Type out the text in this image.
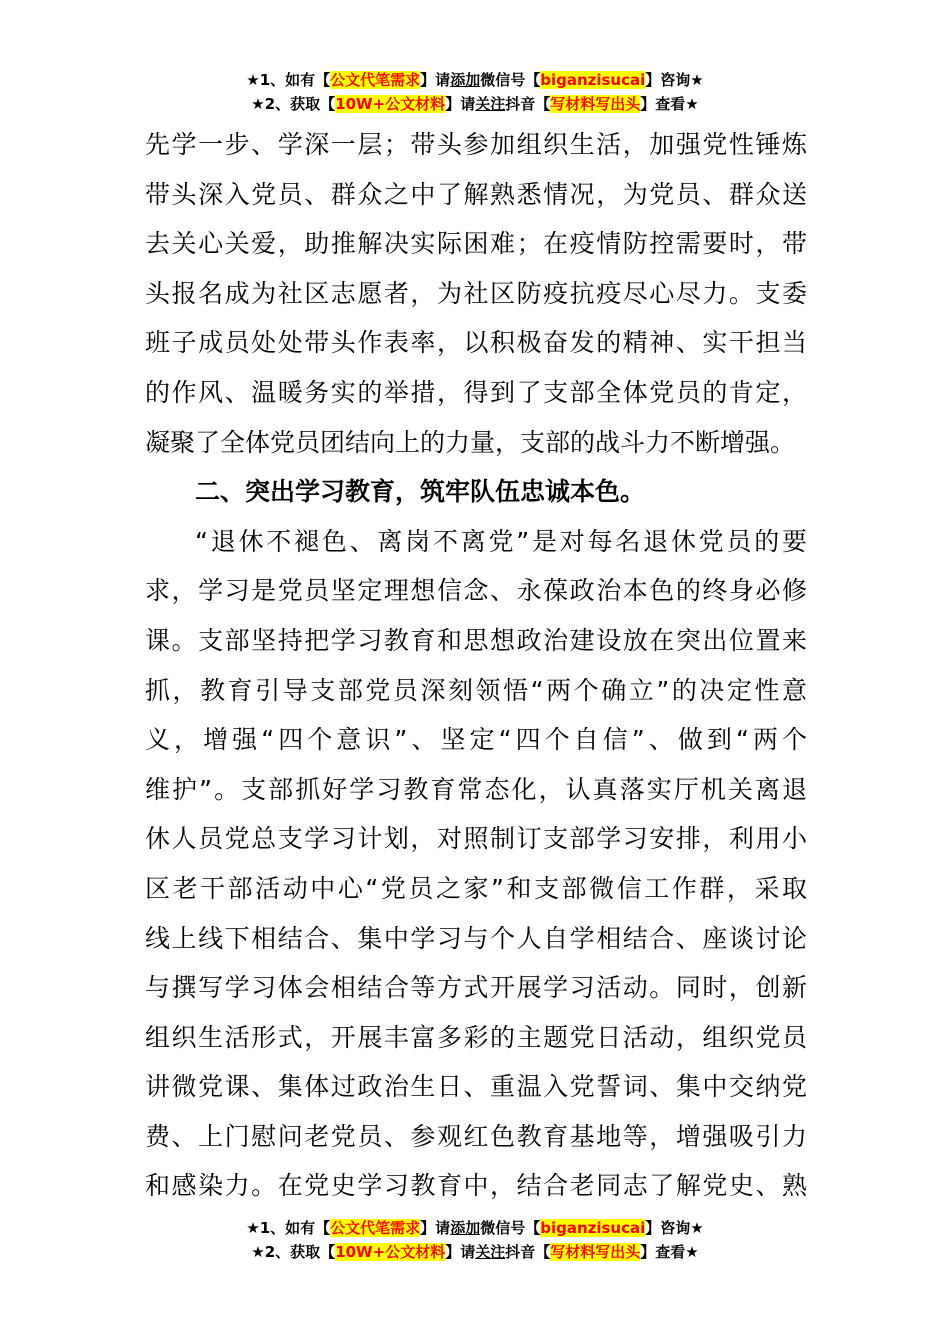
★1、如有【公文代笔需求】请添加微信号【biganzisucai】咨询★
★2、获取【10W+公文材料】请关注抖音【写材料写出头】查看★
先学一步、学深一层；带头参加组织生活，加强党性锤炼
带头深入党员、群众之中了解熟悉情况，为党员、群众送
去关心关爱，助推解决实际困难；在疫情防控需要时，带
头报名成为社区志愿者，为社区防疫抗疫尽心尽力。支委
班子成员处处带头作表率，以积极奋发的精神、实干担当
的作风、温暖务实的举措，得到了支部全体党员的肯定，
凝聚了全体党员团结向上的力量，支部的战斗力不断增强。
二、突出学习教育，筑牢队伍忠诚本色。
“退休不褪色、离岗不离党”是对每名退休党员的要
求，学习是党员坚定理想信念、永葆政治本色的终身必修
课。支部坚持把学习教育和思想政治建设放在突出位置来
抓，教育引导支部党员深刻领悟“两个确立”的决定性意
义，增强“四个意识”、坚定“四个自信”、做到“两个
维护”。支部抓好学习教育常态化，认真落实厅机关离退
休人员党总支学习计划，对照制订支部学习安排，利用小
区老干部活动中心“党员之家”和支部微信工作群，采取
线上线下相结合、集中学习与个人自学相结合、座谈讨论
与撰写学习体会相结合等方式开展学习活动。同时，创新
组织生活形式，开展丰富多彩的主题党日活动，组织党员
讲微党课、集体过政治生日、重温入党誓词、集中交纳党
费、上门慰问老党员、参观红色教育基地等，增强吸引力
和感染力。在党史学习教育中，结合老同志了解党史、熟
★1、如有【公文代笔需求】请添加微信号【biganzisucai】咨询★
★2、获取【10W+公文材料】请关注抖音【写材料写出头】查看★
